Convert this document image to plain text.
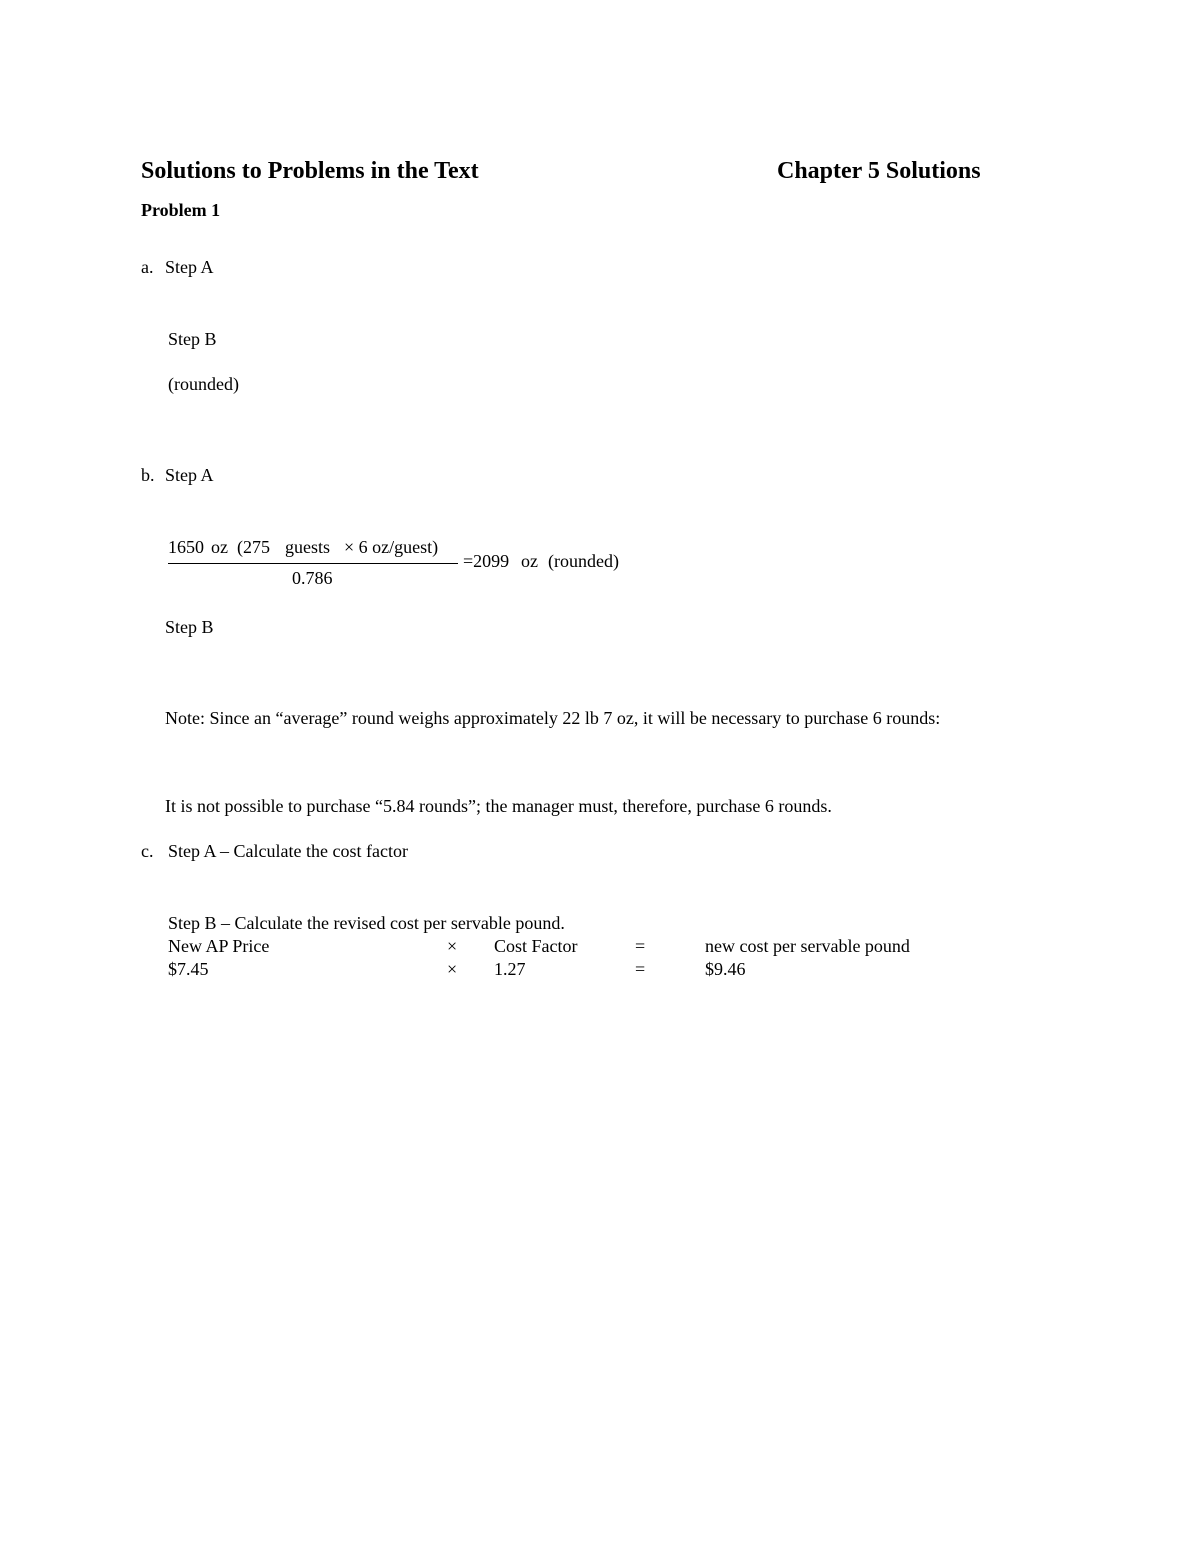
Solutions to Problems in the Text	Chapter 5 Solutions
Problem 1
a. Step A
Step B
(rounded)
b. Step A
1650 oz (275 guests × 6 oz/guest)
0.786
=2099 oz (rounded)
Step B
Note: Since an “average” round weighs approximately 22 lb 7 oz, it will be necessary to purchase 6 rounds:
It is not possible to purchase “5.84 rounds”; the manager must, therefore, purchase 6 rounds.
c. Step A – Calculate the cost factor
Step B – Calculate the revised cost per servable pound.
New AP Price	× Cost Factor	=	new cost per servable pound
$7.45	× 1.27	=	$9.46
